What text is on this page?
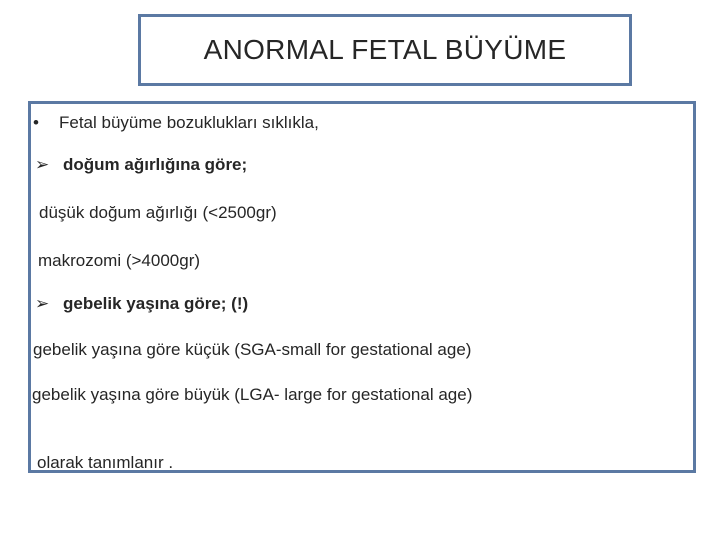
ANORMAL FETAL BÜYÜME
• Fetal büyüme bozuklukları sıklıkla,
➢ doğum ağırlığına göre;
düşük doğum ağırlığı (<2500gr)
makrozomi (>4000gr)
➢ gebelik yaşına göre; (!)
gebelik yaşına göre küçük (SGA-small for gestational age)
gebelik yaşına göre büyük (LGA- large for gestational age)
olarak tanımlanır .
